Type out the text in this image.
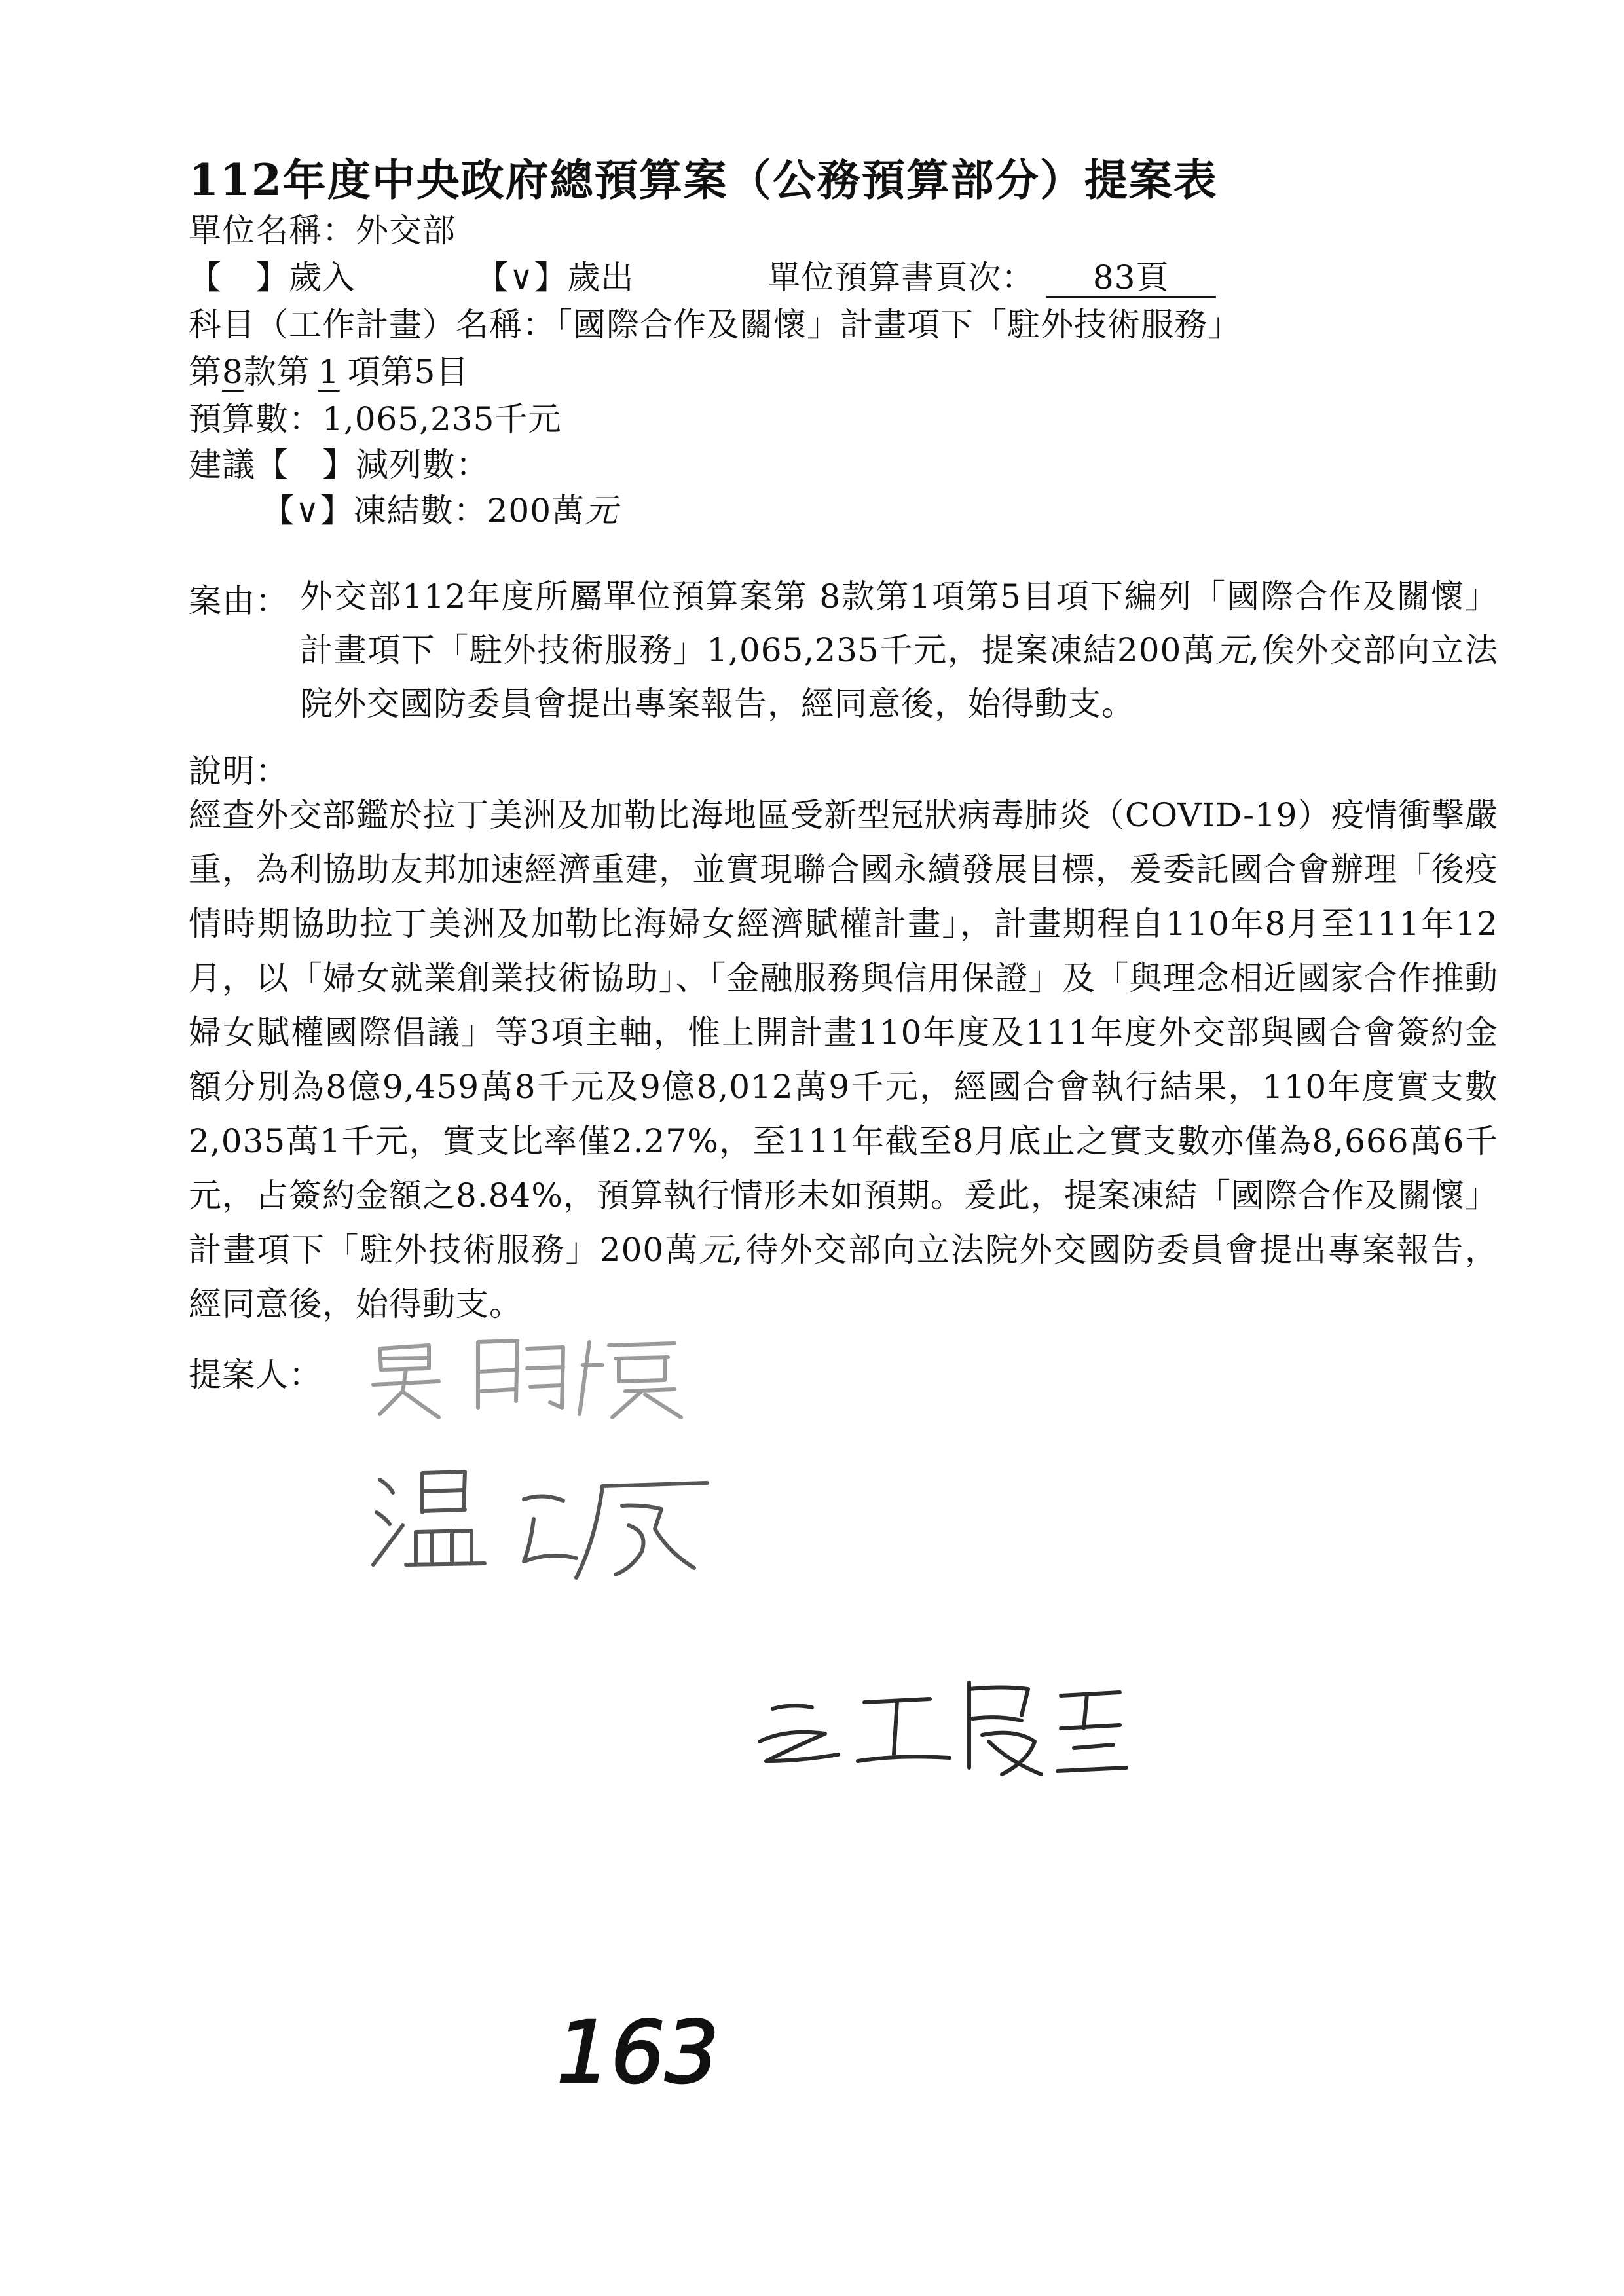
112年度中央政府總預算案（公務預算部分）提案表
單位名稱：外交部
【　】歲入	【∨】歲出	單位預算書頁次： 83頁
科目（工作計畫）名稱：「國際合作及關懷」計畫項下「駐外技術服務」
第8款第 1 項第5目
預算數：1,065,235千元
建議【　】減列數：
【∨】凍結數：200萬元
案由： 外交部112年度所屬單位預算案第 8款第1項第5目項下編列「國際合作及關懷」計畫項下「駐外技術服務」1,065,235千元，提案凍結200萬元,俟外交部向立法院外交國防委員會提出專案報告，經同意後，始得動支。
說明：
經查外交部鑑於拉丁美洲及加勒比海地區受新型冠狀病毒肺炎（COVID-19）疫情衝擊嚴重，為利協助友邦加速經濟重建，並實現聯合國永續發展目標，爰委託國合會辦理「後疫情時期協助拉丁美洲及加勒比海婦女經濟賦權計畫」，計畫期程自110年8月至111年12月，以「婦女就業創業技術協助」、「金融服務與信用保證」及「與理念相近國家合作推動婦女賦權國際倡議」等3項主軸，惟上開計畫110年度及111年度外交部與國合會簽約金額分別為8億9,459萬8千元及9億8,012萬9千元，經國合會執行結果，110年度實支數2,035萬1千元，實支比率僅2.27%，至111年截至8月底止之實支數亦僅為8,666萬6千元，占簽約金額之8.84%，預算執行情形未如預期。爰此，提案凍結「國際合作及關懷」計畫項下「駐外技術服務」200萬元,待外交部向立法院外交國防委員會提出專案報告，經同意後，始得動支。
提案人：
163
